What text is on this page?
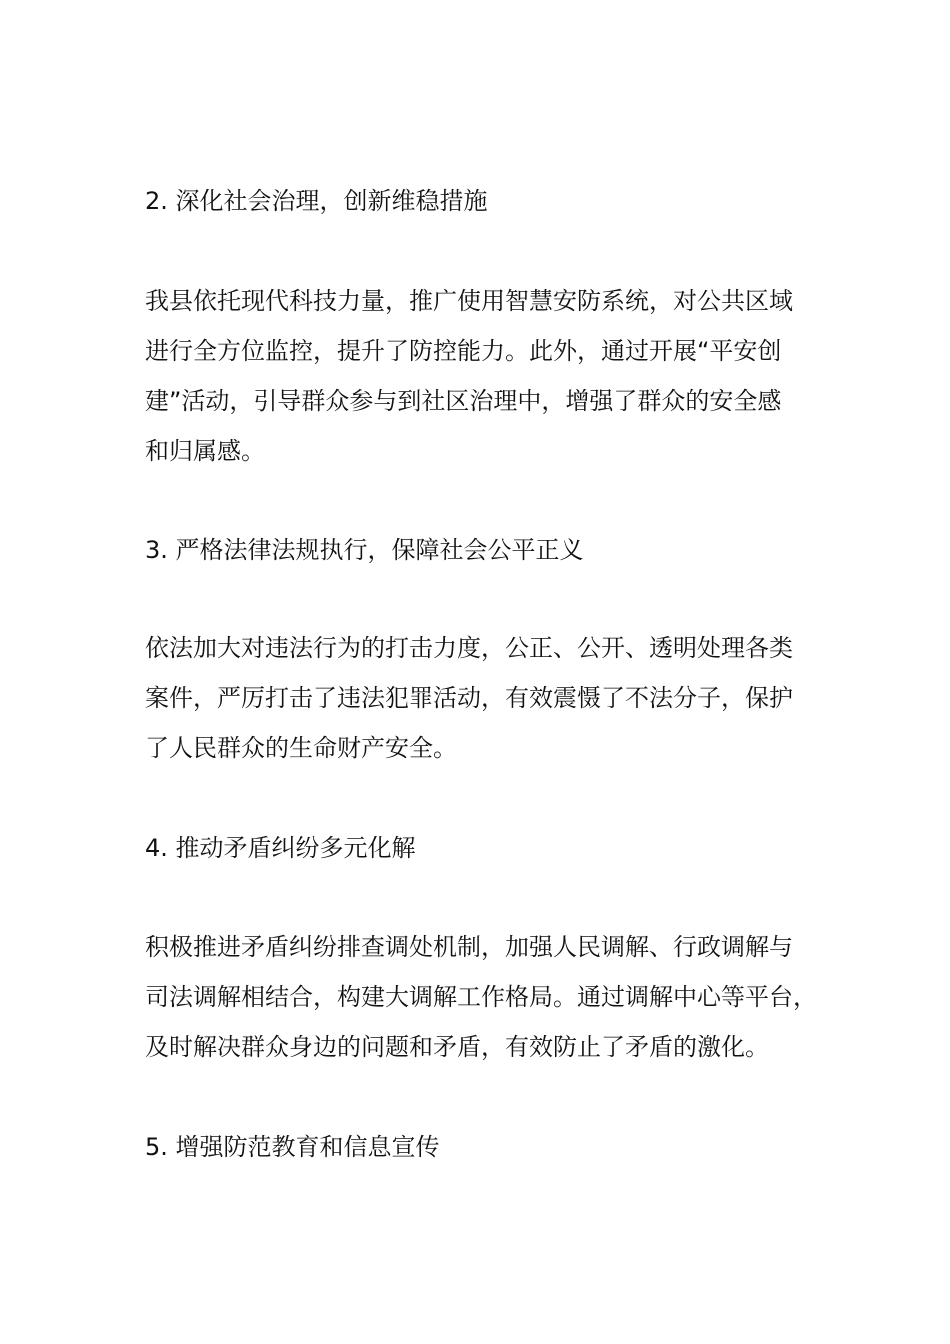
2. 深化社会治理，创新维稳措施
我县依托现代科技力量，推广使用智慧安防系统，对公共区域
进行全方位监控，提升了防控能力。此外，通过开展“平安创
建”活动，引导群众参与到社区治理中，增强了群众的安全感
和归属感。
3. 严格法律法规执行，保障社会公平正义
依法加大对违法行为的打击力度，公正、公开、透明处理各类
案件，严厉打击了违法犯罪活动，有效震慑了不法分子，保护
了人民群众的生命财产安全。
4. 推动矛盾纠纷多元化解
积极推进矛盾纠纷排查调处机制，加强人民调解、行政调解与
司法调解相结合，构建大调解工作格局。通过调解中心等平台，
及时解决群众身边的问题和矛盾，有效防止了矛盾的激化。
5. 增强防范教育和信息宣传
